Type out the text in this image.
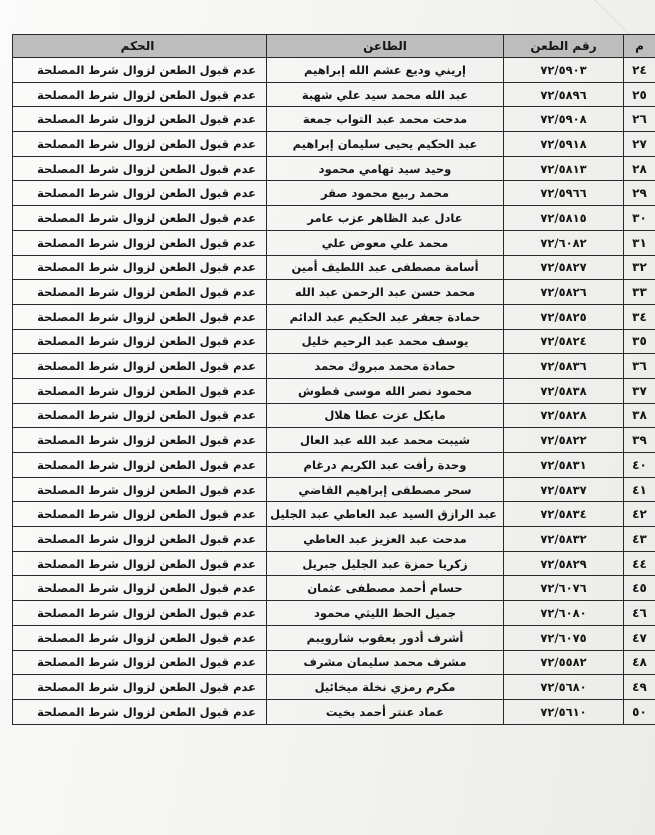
م	رقم الطعن	الطاعن	الحكم
٢٤	٧٢/٥٩٠٣	إريني وديع عشم الله إبراهيم	عدم قبول الطعن لزوال شرط المصلحة
٢٥	٧٢/٥٨٩٦	عبد الله محمد سيد علي شهبة	عدم قبول الطعن لزوال شرط المصلحة
٢٦	٧٢/٥٩٠٨	مدحت محمد عبد التواب جمعة	عدم قبول الطعن لزوال شرط المصلحة
٢٧	٧٢/٥٩١٨	عبد الحكيم يحيى سليمان إبراهيم	عدم قبول الطعن لزوال شرط المصلحة
٢٨	٧٢/٥٨١٣	وحيد سيد تهامي محمود	عدم قبول الطعن لزوال شرط المصلحة
٢٩	٧٢/٥٩٦٦	محمد ربيع محمود صقر	عدم قبول الطعن لزوال شرط المصلحة
٣٠	٧٢/٥٨١٥	عادل عبد الظاهر عزب عامر	عدم قبول الطعن لزوال شرط المصلحة
٣١	٧٢/٦٠٨٢	محمد علي معوض علي	عدم قبول الطعن لزوال شرط المصلحة
٣٢	٧٢/٥٨٢٧	أسامة مصطفى عبد اللطيف أمين	عدم قبول الطعن لزوال شرط المصلحة
٣٣	٧٢/٥٨٢٦	محمد حسن عبد الرحمن عبد الله	عدم قبول الطعن لزوال شرط المصلحة
٣٤	٧٢/٥٨٢٥	حمادة جعفر عبد الحكيم عبد الدائم	عدم قبول الطعن لزوال شرط المصلحة
٣٥	٧٢/٥٨٢٤	يوسف محمد عبد الرحيم خليل	عدم قبول الطعن لزوال شرط المصلحة
٣٦	٧٢/٥٨٣٦	حمادة محمد مبروك محمد	عدم قبول الطعن لزوال شرط المصلحة
٣٧	٧٢/٥٨٣٨	محمود نصر الله موسى قطوش	عدم قبول الطعن لزوال شرط المصلحة
٣٨	٧٢/٥٨٢٨	مايكل عزت عطا هلال	عدم قبول الطعن لزوال شرط المصلحة
٣٩	٧٢/٥٨٢٢	شيبت محمد عبد الله عبد العال	عدم قبول الطعن لزوال شرط المصلحة
٤٠	٧٢/٥٨٣١	وحدة رأفت عبد الكريم درغام	عدم قبول الطعن لزوال شرط المصلحة
٤١	٧٢/٥٨٣٧	سحر مصطفى إبراهيم القاضي	عدم قبول الطعن لزوال شرط المصلحة
٤٢	٧٢/٥٨٣٤	عبد الرازق السيد عبد العاطي عبد الجليل	عدم قبول الطعن لزوال شرط المصلحة
٤٣	٧٢/٥٨٣٢	مدحت عبد العزيز عبد العاطي	عدم قبول الطعن لزوال شرط المصلحة
٤٤	٧٢/٥٨٢٩	زكريا حمزة عبد الجليل جبريل	عدم قبول الطعن لزوال شرط المصلحة
٤٥	٧٢/٦٠٧٦	حسام أحمد مصطفى عثمان	عدم قبول الطعن لزوال شرط المصلحة
٤٦	٧٢/٦٠٨٠	جميل الحظ الليثي محمود	عدم قبول الطعن لزوال شرط المصلحة
٤٧	٧٢/٦٠٧٥	أشرف أدور يعقوب شارويبم	عدم قبول الطعن لزوال شرط المصلحة
٤٨	٧٢/٥٥٨٢	مشرف محمد سليمان مشرف	عدم قبول الطعن لزوال شرط المصلحة
٤٩	٧٢/٥٦٨٠	مكرم رمزي نخلة ميخائيل	عدم قبول الطعن لزوال شرط المصلحة
٥٠	٧٢/٥٦١٠	عماد عنتر أحمد بخيت	عدم قبول الطعن لزوال شرط المصلحة
